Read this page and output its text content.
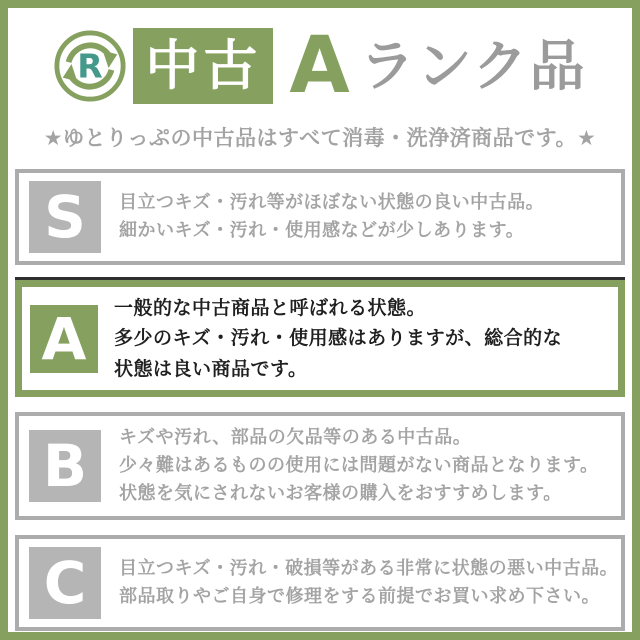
R 中古 A ランク品
★ゆとりっぷの中古品はすべて消毒・洗浄済商品です。★
S 目立つキズ・汚れ等がほぼない状態の良い中古品。
細かいキズ・汚れ・使用感などが少しあります。
A 一般的な中古商品と呼ばれる状態。
多少のキズ・汚れ・使用感はありますが、総合的な
状態は良い商品です。
B キズや汚れ、部品の欠品等のある中古品。
少々難はあるものの使用には問題がない商品となります。
状態を気にされないお客様の購入をおすすめします。
C 目立つキズ・汚れ・破損等がある非常に状態の悪い中古品。
部品取りやご自身で修理をする前提でお買い求め下さい。
